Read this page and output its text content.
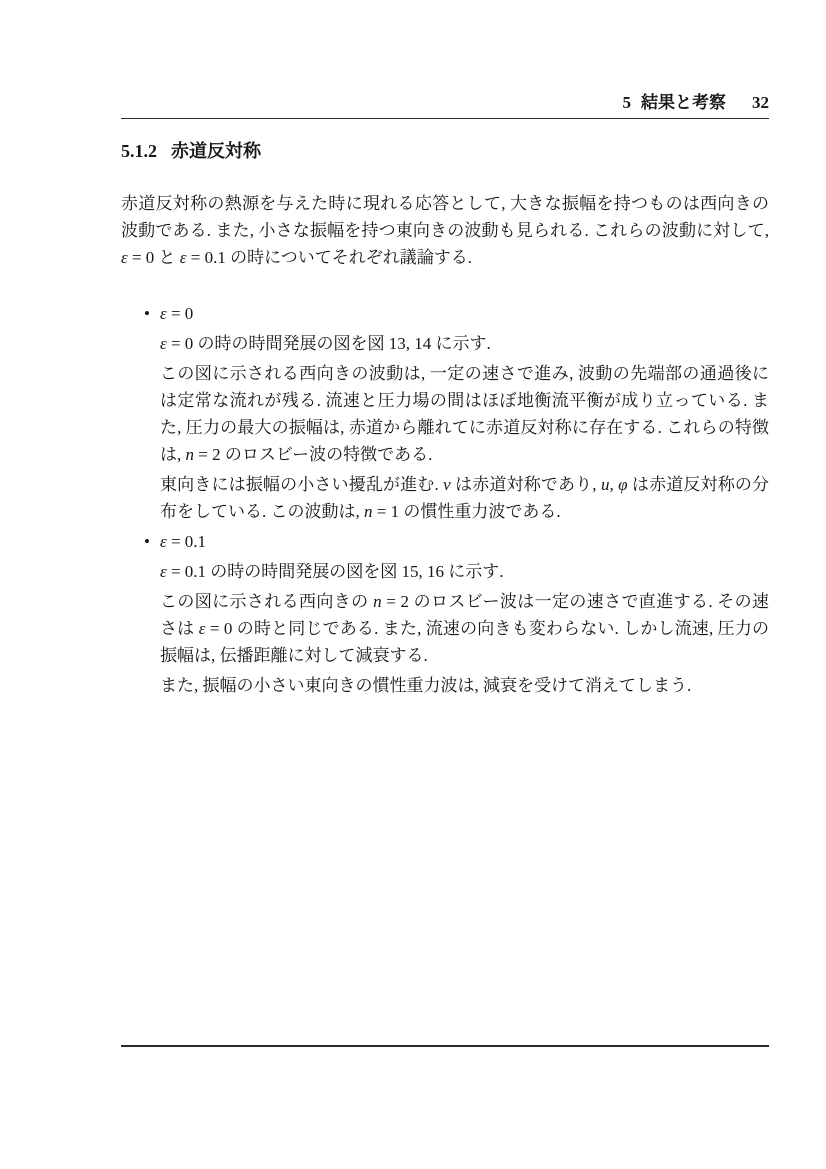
5 結果と考察 32
5.1.2 赤道反対称

赤道反対称の熱源を与えた時に現れる応答として, 大きな振幅を持つものは西向きの波動である. また, 小さな振幅を持つ東向きの波動も見られる. これらの波動に対して, ε = 0 と ε = 0.1 の時についてそれぞれ議論する.

• ε = 0

ε = 0 の時の時間発展の図を図 13, 14 に示す.

この図に示される西向きの波動は, 一定の速さで進み, 波動の先端部の通過後には定常な流れが残る. 流速と圧力場の間はほぼ地衡流平衡が成り立っている. また, 圧力の最大の振幅は, 赤道から離れてに赤道反対称に存在する. これらの特徴は, n = 2 のロスビー波の特徴である.

東向きには振幅の小さい擾乱が進む. v は赤道対称であり, u, φ は赤道反対称の分布をしている. この波動は, n = 1 の慣性重力波である.

• ε = 0.1

ε = 0.1 の時の時間発展の図を図 15, 16 に示す.

この図に示される西向きの n = 2 のロスビー波は一定の速さで直進する. その速さは ε = 0 の時と同じである. また, 流速の向きも変わらない. しかし流速, 圧力の振幅は, 伝播距離に対して減衰する.

また, 振幅の小さい東向きの慣性重力波は, 減衰を受けて消えてしまう.
